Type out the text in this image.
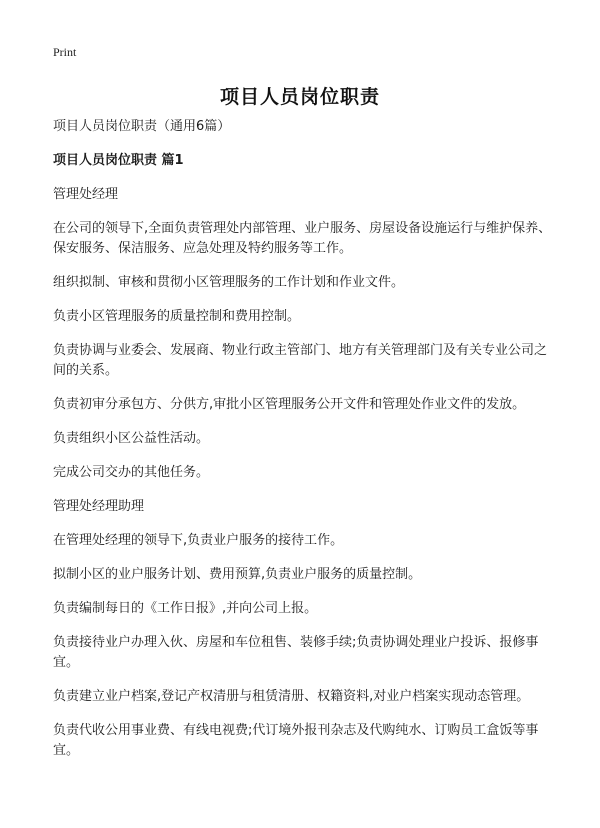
Print
项目人员岗位职责

项目人员岗位职责（通用6篇）

项目人员岗位职责 篇1

管理处经理

在公司的领导下,全面负责管理处内部管理、业户服务、房屋设备设施运行与维护保养、保安服务、保洁服务、应急处理及特约服务等工作。

组织拟制、审核和贯彻小区管理服务的工作计划和作业文件。

负责小区管理服务的质量控制和费用控制。

负责协调与业委会、发展商、物业行政主管部门、地方有关管理部门及有关专业公司之间的关系。

负责初审分承包方、分供方,审批小区管理服务公开文件和管理处作业文件的发放。

负责组织小区公益性活动。

完成公司交办的其他任务。

管理处经理助理

在管理处经理的领导下,负责业户服务的接待工作。

拟制小区的业户服务计划、费用预算,负责业户服务的质量控制。

负责编制每日的《工作日报》,并向公司上报。

负责接待业户办理入伙、房屋和车位租售、装修手续;负责协调处理业户投诉、报修事宜。

负责建立业户档案,登记产权清册与租赁清册、权籍资料,对业户档案实现动态管理。

负责代收公用事业费、有线电视费;代订境外报刊杂志及代购纯水、订购员工盒饭等事宜。
